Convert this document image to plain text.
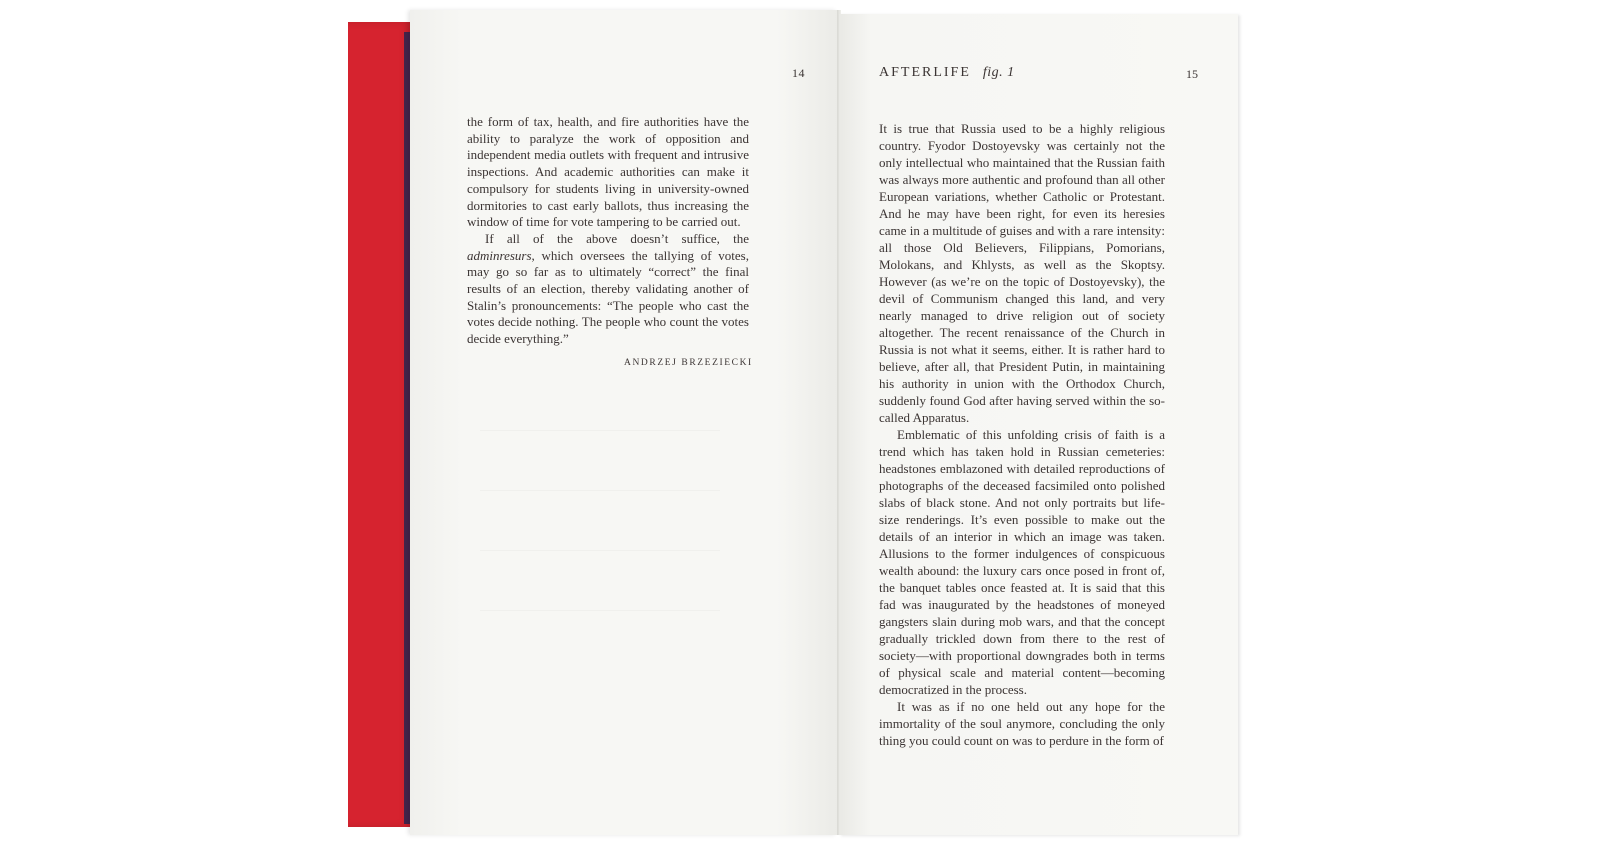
14

the form of tax, health, and fire authorities have the ability to paralyze the work of opposition and independent media outlets with frequent and intrusive inspections. And academic authorities can make it compulsory for students living in university-owned dormitories to cast early ballots, thus increasing the window of time for vote tampering to be carried out.

If all of the above doesn’t suffice, the adminresurs, which oversees the tallying of votes, may go so far as to ultimately “correct” the final results of an election, thereby validating another of Stalin’s pronouncements: “The people who cast the votes decide nothing. The people who count the votes decide everything.”

ANDRZEJ BRZEZIECKI
AFTERLIFE fig. 1	15

It is true that Russia used to be a highly religious country. Fyodor Dostoyevsky was certainly not the only intellectual who maintained that the Russian faith was always more authentic and profound than all other European variations, whether Catholic or Protestant. And he may have been right, for even its heresies came in a multitude of guises and with a rare intensity: all those Old Believers, Filippians, Pomorians, Molokans, and Khlysts, as well as the Skoptsy. However (as we’re on the topic of Dostoyevsky), the devil of Communism changed this land, and very nearly managed to drive religion out of society altogether. The recent renaissance of the Church in Russia is not what it seems, either. It is rather hard to believe, after all, that President Putin, in maintaining his authority in union with the Orthodox Church, suddenly found God after having served within the so-called Apparatus.

Emblematic of this unfolding crisis of faith is a trend which has taken hold in Russian cemeteries: headstones emblazoned with detailed reproductions of photographs of the deceased facsimiled onto polished slabs of black stone. And not only portraits but life-size renderings. It’s even possible to make out the details of an interior in which an image was taken. Allusions to the former indulgences of conspicuous wealth abound: the luxury cars once posed in front of, the banquet tables once feasted at. It is said that this fad was inaugurated by the headstones of moneyed gangsters slain during mob wars, and that the concept gradually trickled down from there to the rest of society—with proportional downgrades both in terms of physical scale and material content—becoming democratized in the process.

It was as if no one held out any hope for the immortality of the soul anymore, concluding the only thing you could count on was to perdure in the form of
